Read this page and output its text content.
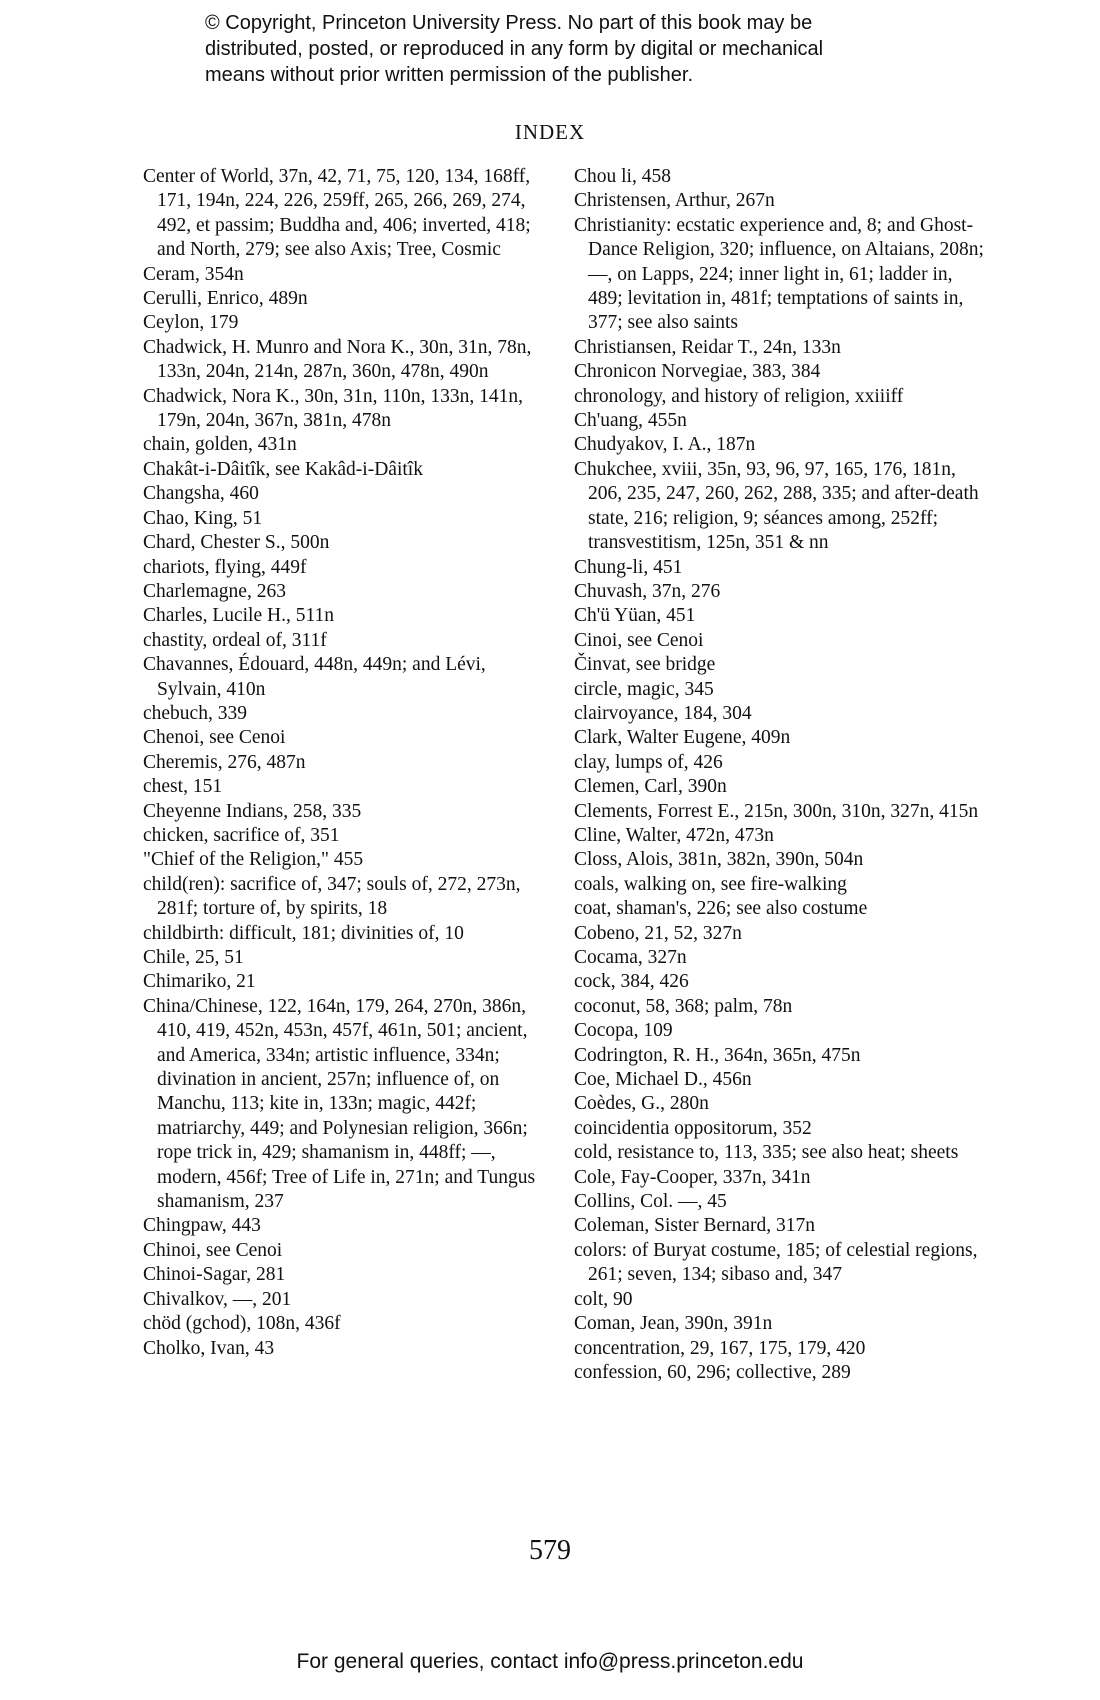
© Copyright, Princeton University Press. No part of this book may be
distributed, posted, or reproduced in any form by digital or mechanical
means without prior written permission of the publisher.
INDEX
Center of World, 37n, 42, 71, 75, 120, 134, 168ff, 171, 194n, 224, 226, 259ff, 265, 266, 269, 274, 492, et passim; Buddha and, 406; inverted, 418; and North, 279; see also Axis; Tree, Cosmic
Ceram, 354n
Cerulli, Enrico, 489n
Ceylon, 179
Chadwick, H. Munro and Nora K., 30n, 31n, 78n, 133n, 204n, 214n, 287n, 360n, 478n, 490n
Chadwick, Nora K., 30n, 31n, 110n, 133n, 141n, 179n, 204n, 367n, 381n, 478n
chain, golden, 431n
Chakât-i-Dâitîk, see Kakâd-i-Dâitîk
Changsha, 460
Chao, King, 51
Chard, Chester S., 500n
chariots, flying, 449f
Charlemagne, 263
Charles, Lucile H., 511n
chastity, ordeal of, 311f
Chavannes, Édouard, 448n, 449n; and Lévi, Sylvain, 410n
chebuch, 339
Chenoi, see Cenoi
Cheremis, 276, 487n
chest, 151
Cheyenne Indians, 258, 335
chicken, sacrifice of, 351
"Chief of the Religion," 455
child(ren): sacrifice of, 347; souls of, 272, 273n, 281f; torture of, by spirits, 18
childbirth: difficult, 181; divinities of, 10
Chile, 25, 51
Chimariko, 21
China/Chinese, 122, 164n, 179, 264, 270n, 386n, 410, 419, 452n, 453n, 457f, 461n, 501; ancient, and America, 334n; artistic influence, 334n; divination in ancient, 257n; influence of, on Manchu, 113; kite in, 133n; magic, 442f; matriarchy, 449; and Polynesian religion, 366n; rope trick in, 429; shamanism in, 448ff; —, modern, 456f; Tree of Life in, 271n; and Tungus shamanism, 237
Chingpaw, 443
Chinoi, see Cenoi
Chinoi-Sagar, 281
Chivalkov, —, 201
chöd (gchod), 108n, 436f
Cholko, Ivan, 43
Chou li, 458
Christensen, Arthur, 267n
Christianity: ecstatic experience and, 8; and Ghost-Dance Religion, 320; influence, on Altaians, 208n; —, on Lapps, 224; inner light in, 61; ladder in, 489; levitation in, 481f; temptations of saints in, 377; see also saints
Christiansen, Reidar T., 24n, 133n
Chronicon Norvegiae, 383, 384
chronology, and history of religion, xxiiiff
Ch'uang, 455n
Chudyakov, I. A., 187n
Chukchee, xviii, 35n, 93, 96, 97, 165, 176, 181n, 206, 235, 247, 260, 262, 288, 335; and after-death state, 216; religion, 9; séances among, 252ff; transvestitism, 125n, 351 & nn
Chung-li, 451
Chuvash, 37n, 276
Ch'ü Yüan, 451
Cinoi, see Cenoi
Činvat, see bridge
circle, magic, 345
clairvoyance, 184, 304
Clark, Walter Eugene, 409n
clay, lumps of, 426
Clemen, Carl, 390n
Clements, Forrest E., 215n, 300n, 310n, 327n, 415n
Cline, Walter, 472n, 473n
Closs, Alois, 381n, 382n, 390n, 504n
coals, walking on, see fire-walking
coat, shaman's, 226; see also costume
Cobeno, 21, 52, 327n
Cocama, 327n
cock, 384, 426
coconut, 58, 368; palm, 78n
Cocopa, 109
Codrington, R. H., 364n, 365n, 475n
Coe, Michael D., 456n
Coèdes, G., 280n
coincidentia oppositorum, 352
cold, resistance to, 113, 335; see also heat; sheets
Cole, Fay-Cooper, 337n, 341n
Collins, Col. —, 45
Coleman, Sister Bernard, 317n
colors: of Buryat costume, 185; of celestial regions, 261; seven, 134; sibaso and, 347
colt, 90
Coman, Jean, 390n, 391n
concentration, 29, 167, 175, 179, 420
confession, 60, 296; collective, 289
579
For general queries, contact info@press.princeton.edu
